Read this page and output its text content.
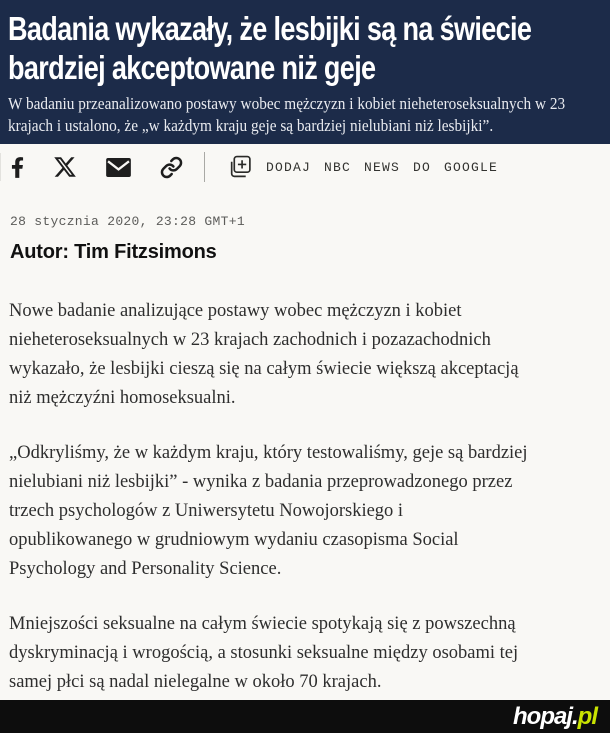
Badania wykazały, że lesbijki są na świecie
bardziej akceptowane niż geje
W badaniu przeanalizowano postawy wobec mężczyzn i kobiet nieheteroseksualnych w 23
krajach i ustalono, że „w każdym kraju geje są bardziej nielubiani niż lesbijki”.
DODAJ NBC NEWS DO GOOGLE
28 stycznia 2020, 23:28 GMT+1
Autor: Tim Fitzsimons

Nowe badanie analizujące postawy wobec mężczyzn i kobiet
nieheteroseksualnych w 23 krajach zachodnich i pozazachodnich
wykazało, że lesbijki cieszą się na całym świecie większą akceptacją
niż mężczyźni homoseksualni.

„Odkryliśmy, że w każdym kraju, który testowaliśmy, geje są bardziej
nielubiani niż lesbijki” - wynika z badania przeprowadzonego przez
trzech psychologów z Uniwersytetu Nowojorskiego i
opublikowanego w grudniowym wydaniu czasopisma Social
Psychology and Personality Science.

Mniejszości seksualne na całym świecie spotykają się z powszechną
dyskryminacją i wrogością, a stosunki seksualne między osobami tej
samej płci są nadal nielegalne w około 70 krajach.

hopaj.pl
